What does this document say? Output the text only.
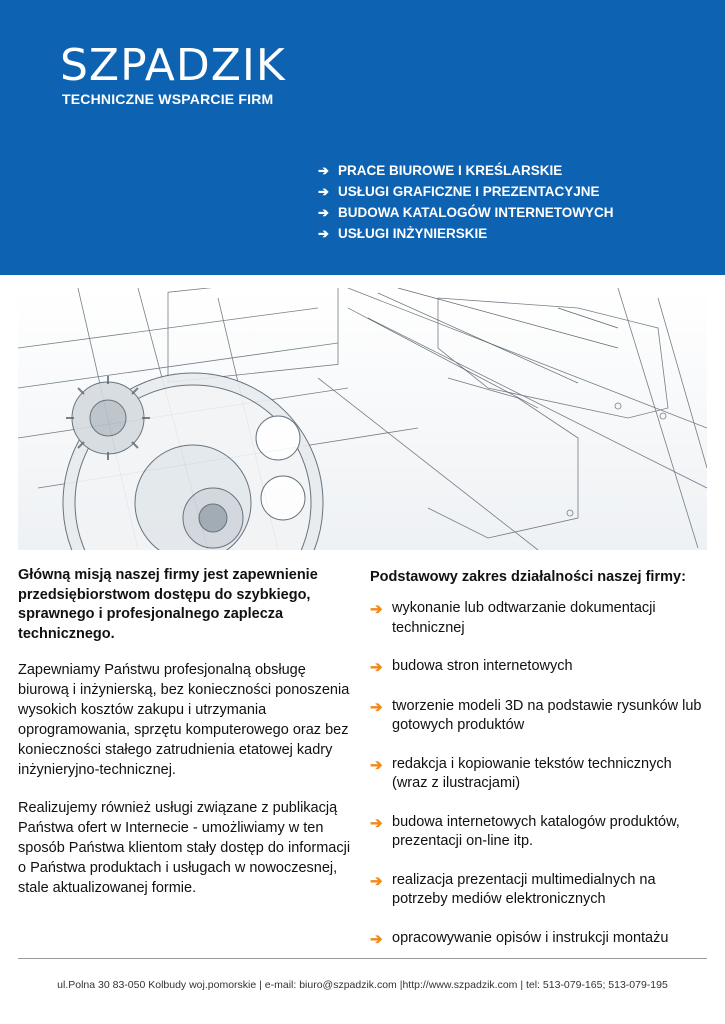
SZPADZIK
TECHNICZNE WSPARCIE FIRM
➔ PRACE BIUROWE I KREŚLARSKIE
➔ USŁUGI GRAFICZNE I PREZENTACYJNE
➔ BUDOWA KATALOGÓW INTERNETOWYCH
➔ USŁUGI INŻYNIERSKIE

Główną misją naszej firmy jest zapewnienie przedsiębiorstwom dostępu do szybkiego, sprawnego i profesjonalnego zaplecza technicznego.

Zapewniamy Państwu profesjonalną obsługę biurową i inżynierską, bez konieczności ponoszenia wysokich kosztów zakupu i utrzymania oprogramowania, sprzętu komputerowego oraz bez konieczności stałego zatrudnienia etatowej kadry inżynieryjno-technicznej.

Realizujemy również usługi związane z publikacją Państwa ofert w Internecie - umożliwiamy w ten sposób Państwa klientom stały dostęp do informacji o Państwa produktach i usługach w nowoczesnej, stale aktualizowanej formie.

Podstawowy zakres działalności naszej firmy:

➔ wykonanie lub odtwarzanie dokumentacji technicznej
➔ budowa stron internetowych
➔ tworzenie modeli 3D na podstawie rysunków lub gotowych produktów
➔ redakcja i kopiowanie tekstów technicznych (wraz z ilustracjami)
➔ budowa internetowych katalogów produktów, prezentacji on-line itp.
➔ realizacja prezentacji multimedialnych na potrzeby mediów elektronicznych
➔ opracowywanie opisów i instrukcji montażu
ul.Polna 30 83-050 Kolbudy woj.pomorskie | e-mail: biuro@szpadzik.com |http://www.szpadzik.com | tel: 513-079-165; 513-079-195
